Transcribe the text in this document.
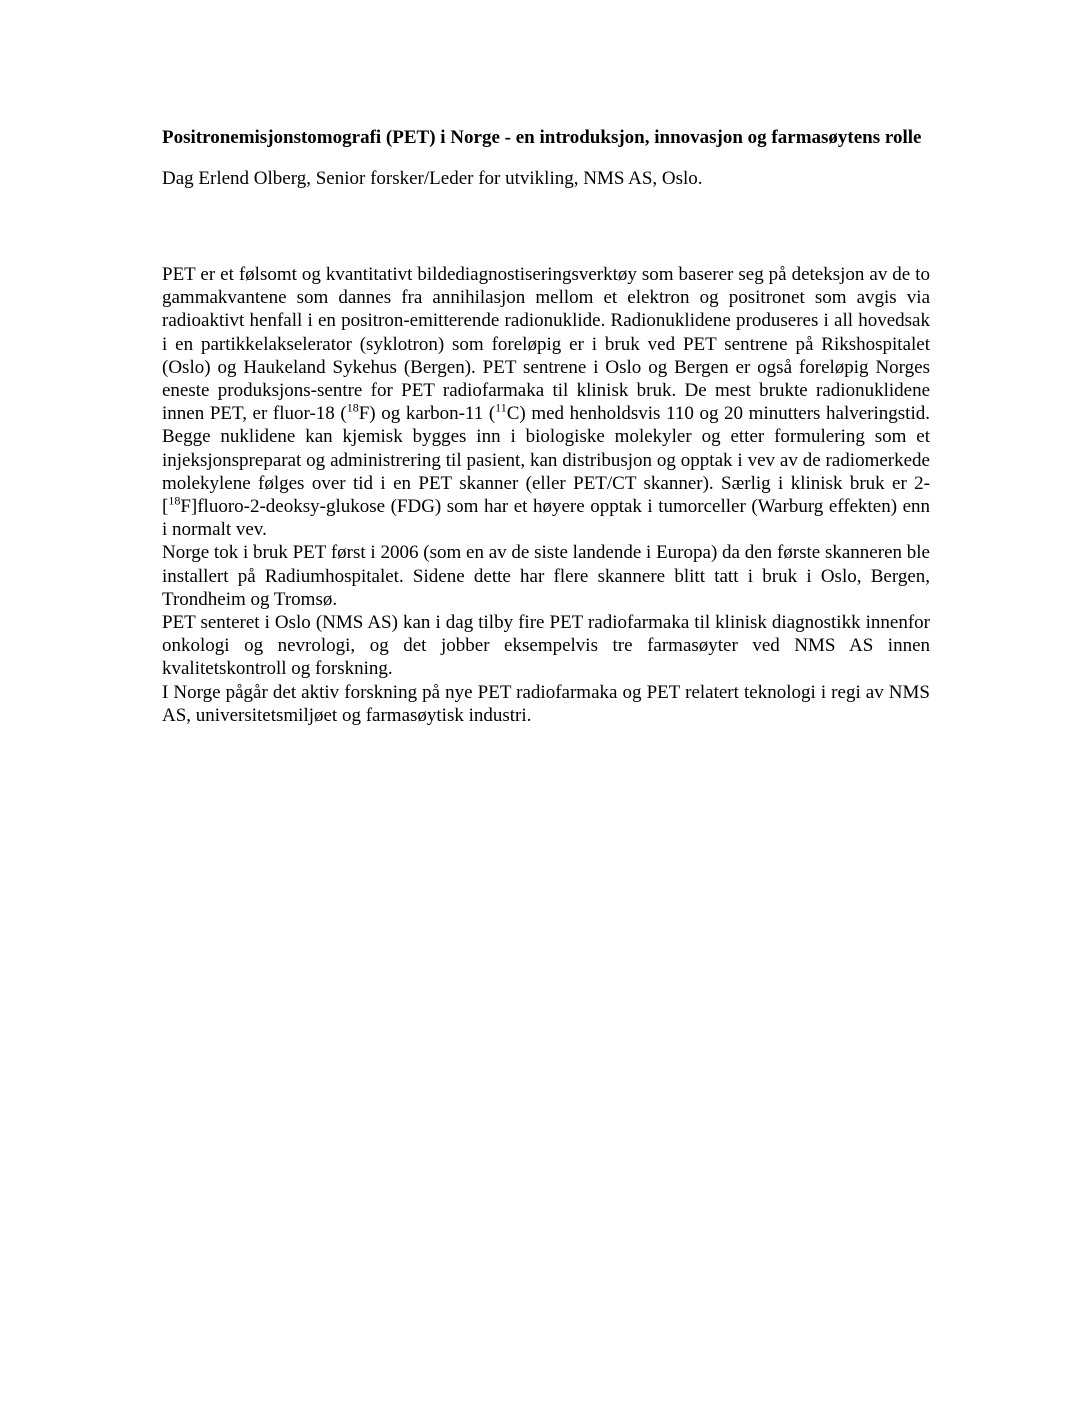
Positronemisjonstomografi (PET) i Norge - en introduksjon, innovasjon og farmasøytens rolle

Dag Erlend Olberg, Senior forsker/Leder for utvikling, NMS AS, Oslo.

PET er et følsomt og kvantitativt bildediagnostiseringsverktøy som baserer seg på deteksjon av de to gammakvantene som dannes fra annihilasjon mellom et elektron og positronet som avgis via radioaktivt henfall i en positron-emitterende radionuklide. Radionuklidene produseres i all hovedsak i en partikkelakselerator (syklotron) som foreløpig er i bruk ved PET sentrene på Rikshospitalet (Oslo) og Haukeland Sykehus (Bergen). PET sentrene i Oslo og Bergen er også foreløpig Norges eneste produksjons-sentre for PET radiofarmaka til klinisk bruk. De mest brukte radionuklidene innen PET, er fluor-18 ($^{18}$F) og karbon-11 ($^{11}$C) med henholdsvis 110 og 20 minutters halveringstid. Begge nuklidene kan kjemisk bygges inn i biologiske molekyler og etter formulering som et injeksjonspreparat og administrering til pasient, kan distribusjon og opptak i vev av de radiomerkede molekylene følges over tid i en PET skanner (eller PET/CT skanner). Særlig i klinisk bruk er 2-[$^{18}$F]fluoro-2-deoksy-glukose (FDG) som har et høyere opptak i tumorceller (Warburg effekten) enn i normalt vev.

Norge tok i bruk PET først i 2006 (som en av de siste landende i Europa) da den første skanneren ble installert på Radiumhospitalet. Sidene dette har flere skannere blitt tatt i bruk i Oslo, Bergen, Trondheim og Tromsø.

PET senteret i Oslo (NMS AS) kan i dag tilby fire PET radiofarmaka til klinisk diagnostikk innenfor onkologi og nevrologi, og det jobber eksempelvis tre farmasøyter ved NMS AS innen kvalitetskontroll og forskning.

I Norge pågår det aktiv forskning på nye PET radiofarmaka og PET relatert teknologi i regi av NMS AS, universitetsmiljøet og farmasøytisk industri.
